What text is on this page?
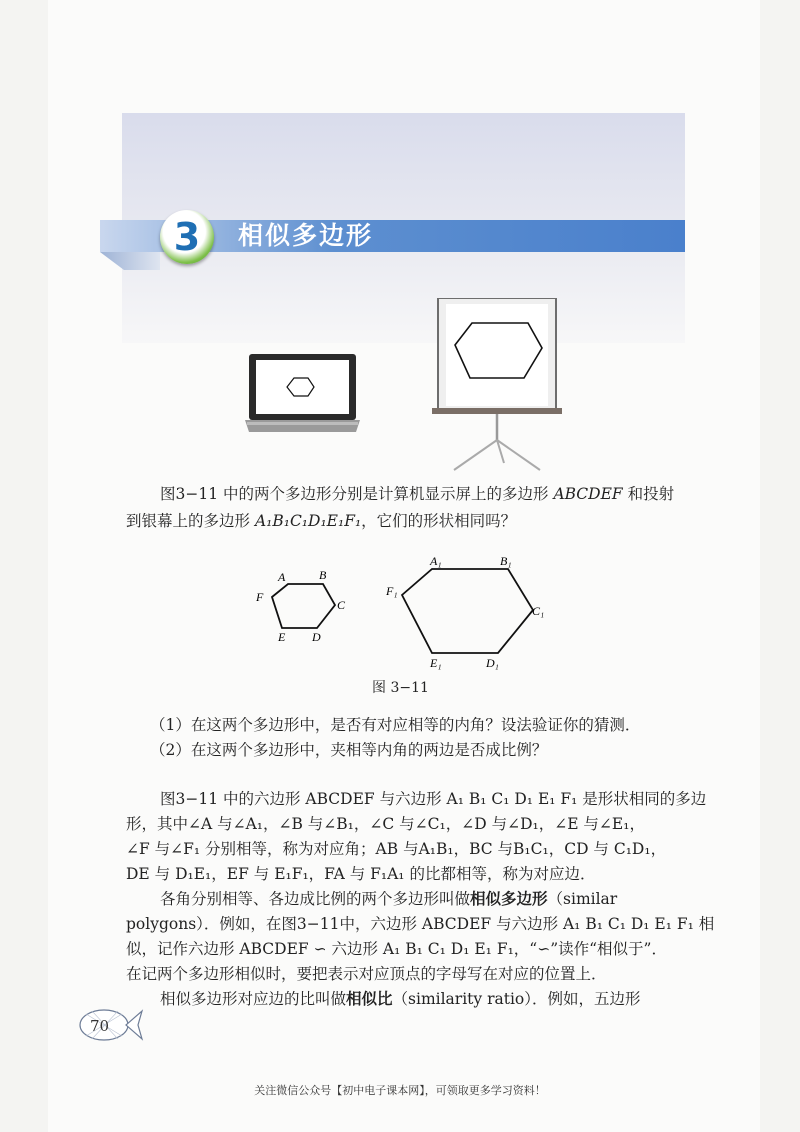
3	相似多边形
图3−11 中的两个多边形分别是计算机显示屏上的多边形 ABCDEF 和投射
到银幕上的多边形 A₁B₁C₁D₁E₁F₁，它们的形状相同吗？
A	B
C
D
E
F
A₁	B₁
C₁
D₁
E₁
F₁
图 3−11
（1）在这两个多边形中，是否有对应相等的内角？设法验证你的猜测．
（2）在这两个多边形中，夹相等内角的两边是否成比例？
图3−11 中的六边形 ABCDEF 与六边形 A₁ B₁ C₁ D₁ E₁ F₁ 是形状相同的多边
形，其中∠A 与∠A₁，∠B 与∠B₁，∠C 与∠C₁，∠D 与∠D₁，∠E 与∠E₁，
∠F 与∠F₁ 分别相等，称为对应角；AB 与A₁B₁，BC 与B₁C₁，CD 与 C₁D₁，
DE 与 D₁E₁，EF 与 E₁F₁，FA 与 F₁A₁ 的比都相等，称为对应边．
各角分别相等、各边成比例的两个多边形叫做相似多边形（similar
polygons）．例如，在图3−11中，六边形 ABCDEF 与六边形 A₁ B₁ C₁ D₁ E₁ F₁ 相
似，记作六边形 ABCDEF ∽ 六边形 A₁ B₁ C₁ D₁ E₁ F₁，“∽”读作“相似于”．
在记两个多边形相似时，要把表示对应顶点的字母写在对应的位置上．
相似多边形对应边的比叫做相似比（similarity ratio）．例如，五边形
70
关注微信公众号【初中电子课本网】，可领取更多学习资料！
